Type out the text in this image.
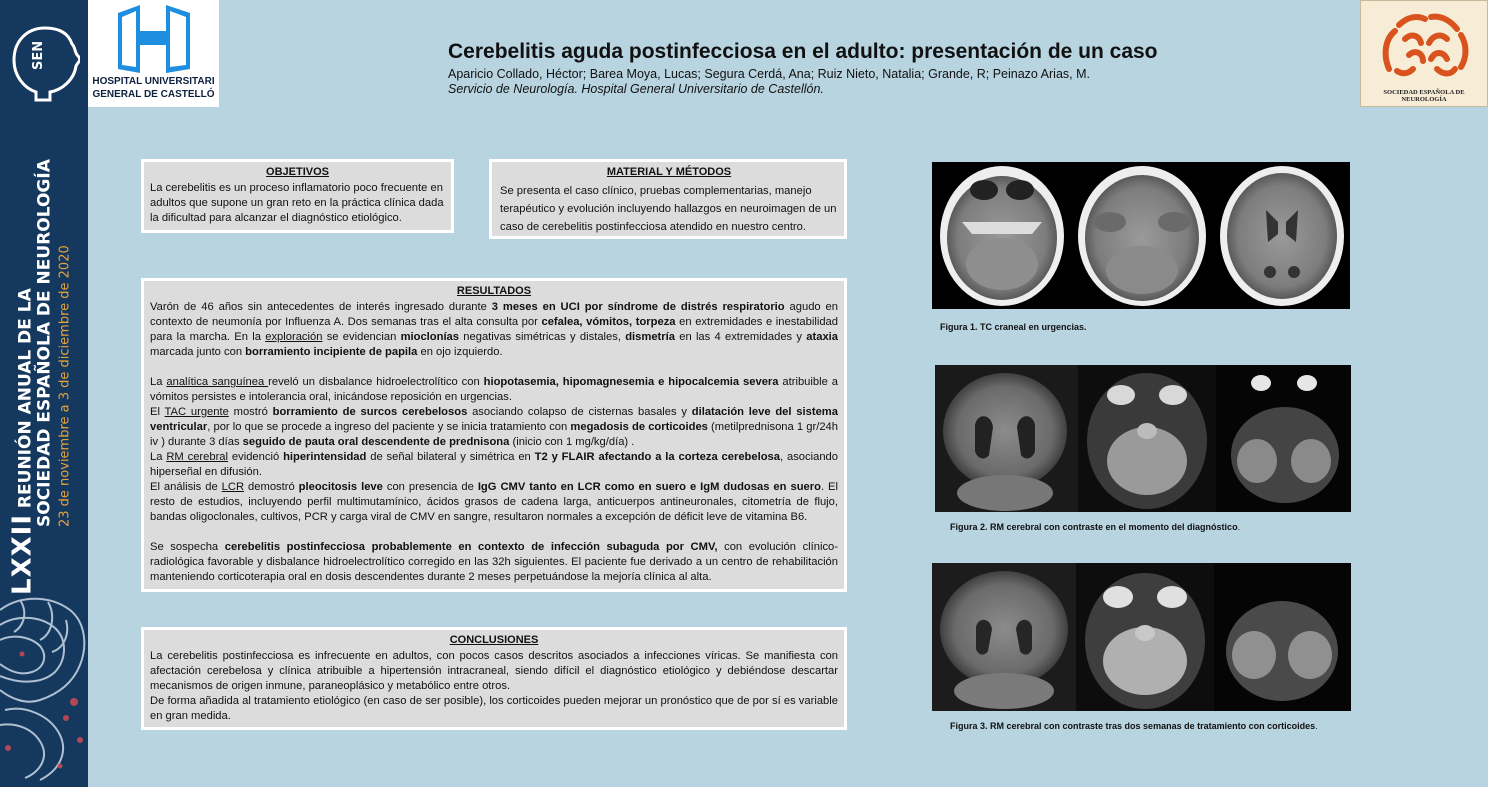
SEN
LXXII REUNIÓN ANUAL DE LA SOCIEDAD ESPAÑOLA DE NEUROLOGÍA 23 de noviembre a 3 de diciembre de 2020
HOSPITAL UNIVERSITARI
GENERAL DE CASTELLÓ
Cerebelitis aguda postinfecciosa en el adulto: presentación de un caso
Aparicio Collado, Héctor; Barea Moya, Lucas; Segura Cerdá, Ana; Ruiz Nieto, Natalia; Grande, R; Peinazo Arias, M.
Servicio de Neurología. Hospital General Universitario de Castellón.	SOCIEDAD ESPAÑOLA DE NEUROLOGÍA
OBJETIVOS

La cerebelitis es un proceso inflamatorio poco frecuente en adultos que supone un gran reto en la práctica clínica dada la dificultad para alcanzar el diagnóstico etiológico.

MATERIAL Y MÉTODOS

Se presenta el caso clínico, pruebas complementarias, manejo terapéutico y evolución incluyendo hallazgos en neuroimagen de un caso de cerebelitis postinfecciosa atendido en nuestro centro.

RESULTADOS

Varón de 46 años sin antecedentes de interés ingresado durante 3 meses en UCI por síndrome de distrés respiratorio agudo en contexto de neumonía por Influenza A. Dos semanas tras el alta consulta por cefalea, vómitos, torpeza en extremidades e inestabilidad para la marcha. En la exploración se evidencian mioclonías negativas simétricas y distales, dismetría en las 4 extremidades y ataxia marcada junto con borramiento incipiente de papila en ojo izquierdo.

La analítica sanguínea reveló un disbalance hidroelectrolítico con hiopotasemia, hipomagnesemia e hipocalcemia severa atribuible a vómitos persistes e intolerancia oral, inicándose reposición en urgencias.

El TAC urgente mostró borramiento de surcos cerebelosos asociando colapso de cisternas basales y dilatación leve del sistema ventricular, por lo que se procede a ingreso del paciente y se inicia tratamiento con megadosis de corticoides (metilprednisona 1 gr/24h iv ) durante 3 días seguido de pauta oral descendente de prednisona (inicio con 1 mg/kg/día) .

La RM cerebral evidenció hiperintensidad de señal bilateral y simétrica en T2 y FLAIR afectando a la corteza cerebelosa, asociando hiperseñal en difusión.

El análisis de LCR demostró pleocitosis leve con presencia de IgG CMV tanto en LCR como en suero e IgM dudosas en suero. El resto de estudios, incluyendo perfil multimutamínico, ácidos grasos de cadena larga, anticuerpos antineuronales, citometría de flujo, bandas oligoclonales, cultivos, PCR y carga viral de CMV en sangre, resultaron normales a excepción de déficit leve de vitamina B6.

Se sospecha cerebelitis postinfecciosa probablemente en contexto de infección subaguda por CMV, con evolución clínico-radiológica favorable y disbalance hidroelectrolítico corregido en las 32h siguientes. El paciente fue derivado a un centro de rehabilitación manteniendo corticoterapia oral en dosis descendentes durante 2 meses perpetuándose la mejoría clínica al alta.

CONCLUSIONES

La cerebelitis postinfecciosa es infrecuente en adultos, con pocos casos descritos asociados a infecciones víricas. Se manifiesta con afectación cerebelosa y clínica atribuible a hipertensión intracraneal, siendo difícil el diagnóstico etiológico y debiéndose descartar mecanismos de origen inmune, paraneoplásico y metabólico entre otros.

De forma añadida al tratamiento etiológico (en caso de ser posible), los corticoides pueden mejorar un pronóstico que de por sí es variable en gran medida.

Figura 1. TC craneal en urgencias.
Figura 2. RM cerebral con contraste en el momento del diagnóstico.
Figura 3. RM cerebral con contraste tras dos semanas de tratamiento con corticoides.
